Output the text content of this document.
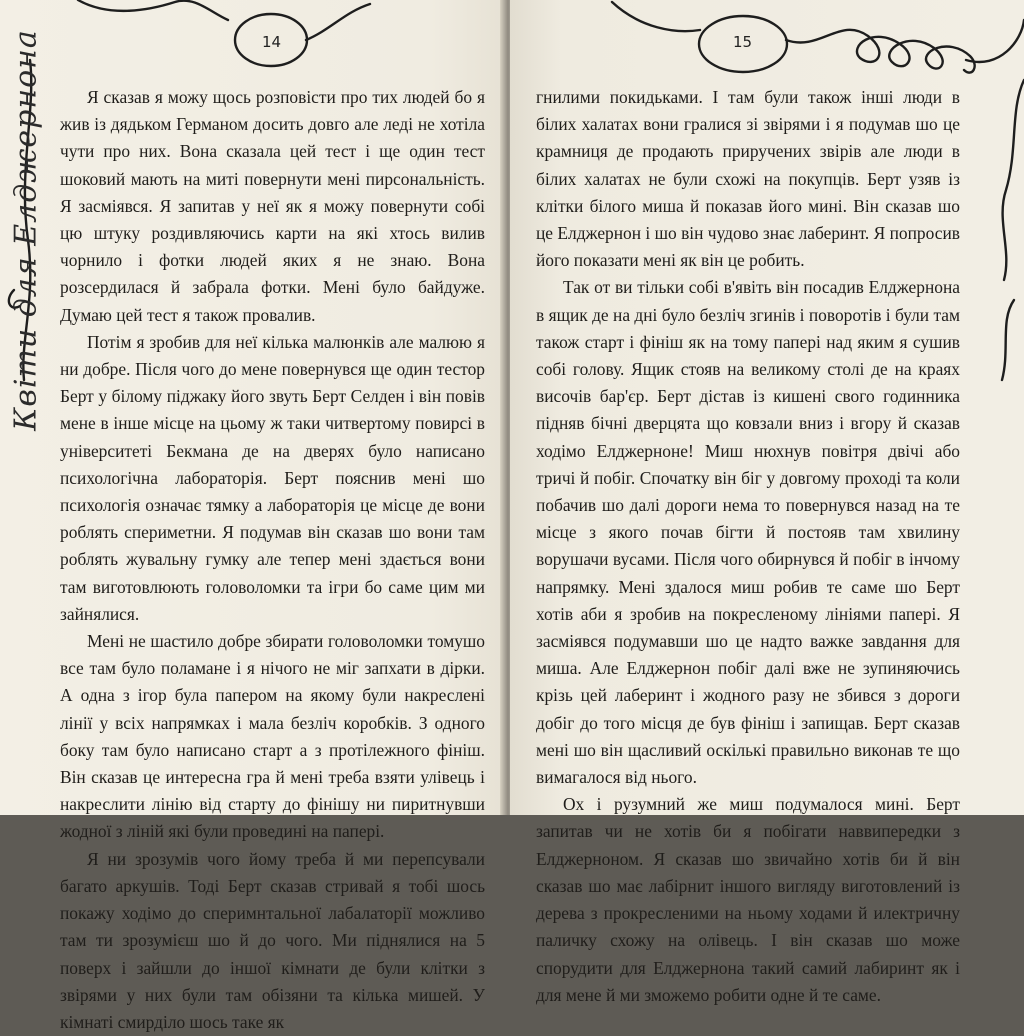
Я сказав я можу щось розповісти про тих людей бо я жив із дядьком Германом досить довго але леді не хотіла чути про них. Вона сказала цей тест і ще один тест шоковий мають на миті повернути мені пирсональність. Я засміявся. Я запитав у неї як я можу повернути собі цю штуку роздивляючись карти на які хтось вилив чорнило і фотки людей яких я не знаю. Вона розсердилася й забрала фотки. Мені було байдуже. Думаю цей тест я також провалив.

Потім я зробив для неї кілька малюнків але малюю я ни добре. Після чого до мене повернувся ще один тестор Берт у білому піджаку його звуть Берт Селден і він повів мене в інше місце на цьому ж таки читвертому повирсі в університеті Бекмана де на дверях було написано психологічна лабораторія. Берт пояснив мені шо психологія означає тямку а лабораторія це місце де вони роблять спериметни. Я подумав він сказав шо вони там роблять жувальну гумку але тепер мені здається вони там виготовлюють головоломки та ігри бо саме цим ми зайнялися.

Мені не шастило добре збирати головоломки томушо все там було поламане і я нічого не міг запхати в дірки. А одна з ігор була папером на якому були накреслені лінії у всіх напрямках і мала безліч коробків. З одного боку там було написано старт а з протілежного фініш. Він сказав це интересна гра й мені треба взяти улівець і накреслити лінію від старту до фінішу ни пиритнувши жодної з ліній які були проведині на папері.

Я ни зрозумів чого йому треба й ми перепсували багато аркушів. Тоді Берт сказав стривай я тобі шось покажу ходімо до сперимнтальної лабалаторії можливо там ти зрозумієш шо й до чого. Ми піднялися на 5 поверх і зайшли до іншої кімнати де були клітки з звірями у них були там обізяни та кілька мишей. У кімнаті смирділо шось таке як

гнилими покидьками. І там були також інші люди в білих халатах вони гралися зі звірями і я подумав шо це крамниця де продають приручених звірів але люди в білих халатах не були схожі на покупців. Берт узяв із клітки білого миша й показав його мині. Він сказав шо це Елджернон і шо він чудово знає лаберинт. Я попросив його показати мені як він це робить.

Так от ви тільки собі в'явіть він посадив Елджернона в ящик де на дні було безліч згинів і поворотів і були там також старт і фініш як на тому папері над яким я сушив собі голову. Ящик стояв на великому столі де на краях височів бар'єр. Берт дістав із кишені свого годинника підняв бічні дверцята що ковзали вниз і вгору й сказав ходімо Елджерноне! Миш нюхнув повітря двічі або тричі й побіг. Спочатку він біг у довгому проході та коли побачив шо далі дороги нема то повернувся назад на те місце з якого почав бігти й постояв там хвилину ворушачи вусами. Після чого обирнувся й побіг в інчому напрямку. Мені здалося миш робив те саме шо Берт хотів аби я зробив на покресленому лініями папері. Я засміявся подумавши шо це надто важке завдання для миша. Але Елджернон побіг далі вже не зупиняючись крізь цей лаберинт і жодного разу не збився з дороги добіг до того місця де був фініш і запищав. Берт сказав мені шо він щасливий оскількі правильно виконав те що вимагалося від нього.

Ох і рузумний же миш подумалося мині. Берт запитав чи не хотів би я побігати наввипередки з Елджерноном. Я сказав шо звичайно хотів би й він сказав шо має лабірнит іншого вигляду виготовлений із дерева з прокресленими на ньому ходами й илектричну паличку схожу на олівець. І він сказав шо може спорудити для Елджернона такий самий лабиринт як і для мене й ми зможемо робити одне й те саме.

14	15
Квіти для Елджернона
